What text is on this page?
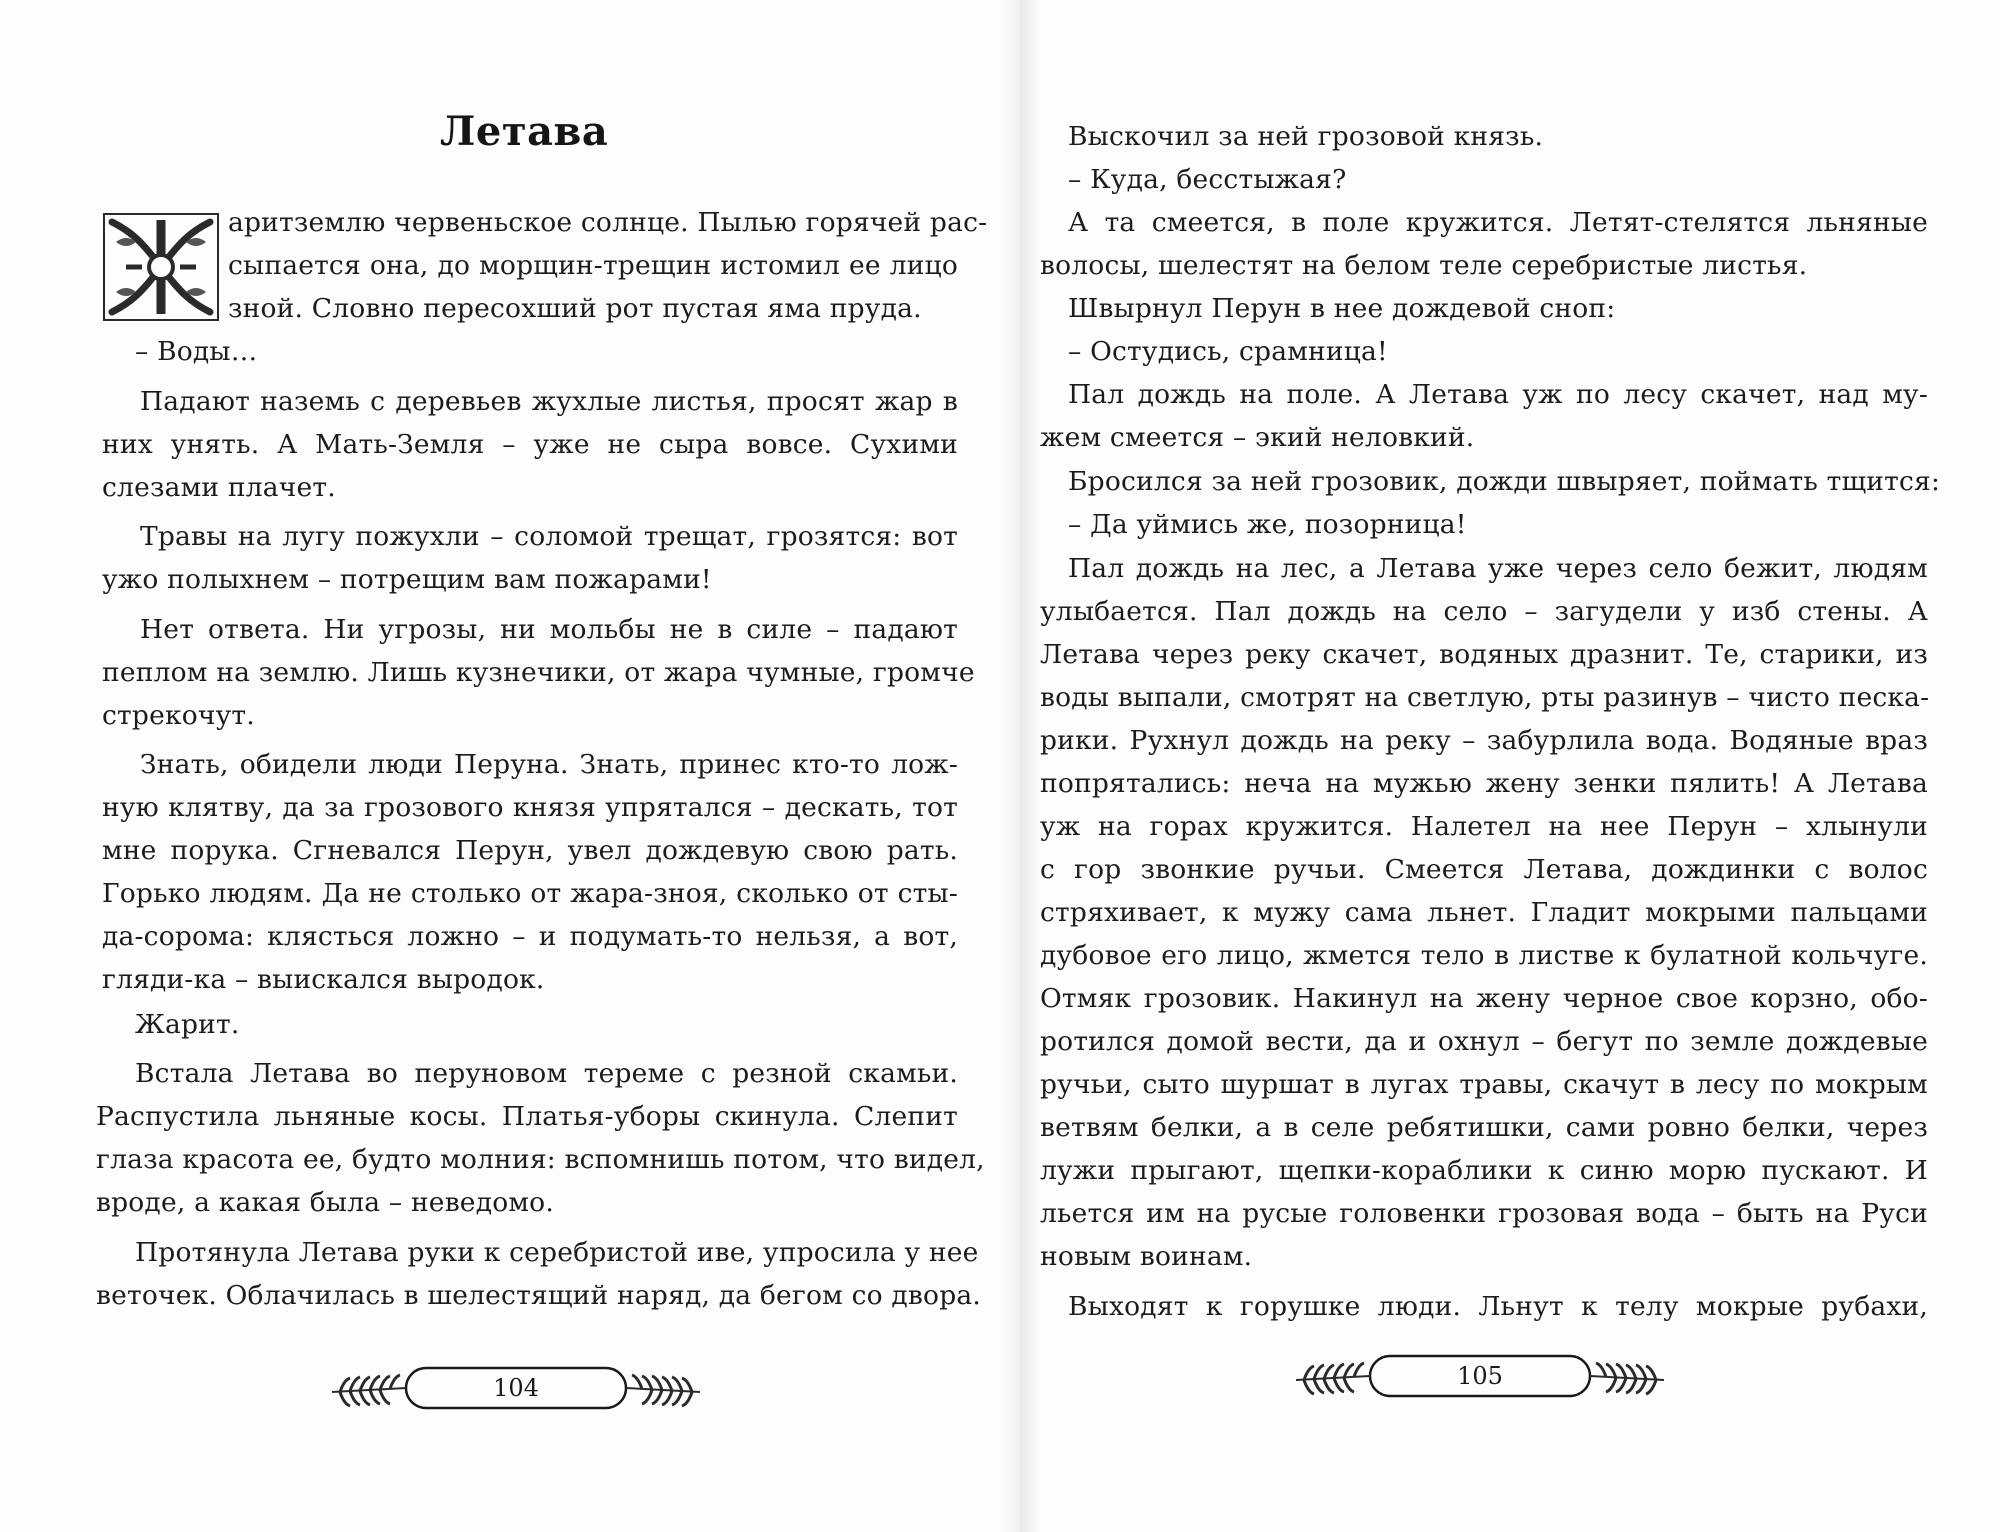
Летава

аритземлю червеньское солнце. Пылью горячей рас-

сыпается она, до морщин-трещин истомил ее лицо

зной. Словно пересохший рот пустая яма пруда.

– Воды…

Падают наземь с деревьев жухлые листья, просят жар в

них унять. А Мать-Земля – уже не сыра вовсе. Сухими

слезами плачет.

Травы на лугу пожухли – соломой трещат, грозятся: вот

ужо полыхнем – потрещим вам пожарами!

Нет ответа. Ни угрозы, ни мольбы не в силе – падают

пеплом на землю. Лишь кузнечики, от жара чумные, громче

стрекочут.

Знать, обидели люди Перуна. Знать, принес кто-то лож-

ную клятву, да за грозового князя упрятался – дескать, тот

мне порука. Сгневался Перун, увел дождевую свою рать.

Горько людям. Да не столько от жара-зноя, сколько от сты-

да-сорома: клясться ложно – и подумать-то нельзя, а вот,

гляди-ка – выискался выродок.

Жарит.

Встала Летава во перуновом тереме с резной скамьи.

Распустила льняные косы. Платья-уборы скинула. Слепит

глаза красота ее, будто молния: вспомнишь потом, что видел,

вроде, а какая была – неведомо.

Протянула Летава руки к серебристой иве, упросила у нее

веточек. Облачилась в шелестящий наряд, да бегом со двора.

104

Выскочил за ней грозовой князь.

– Куда, бесстыжая?

А та смеется, в поле кружится. Летят-стелятся льняные

волосы, шелестят на белом теле серебристые листья.

Швырнул Перун в нее дождевой сноп:

– Остудись, срамница!

Пал дождь на поле. А Летава уж по лесу скачет, над му-

жем смеется – экий неловкий.

Бросился за ней грозовик, дожди швыряет, поймать тщится:

– Да уймись же, позорница!

Пал дождь на лес, а Летава уже через село бежит, людям

улыбается. Пал дождь на село – загудели у изб стены. А

Летава через реку скачет, водяных дразнит. Те, старики, из

воды выпали, смотрят на светлую, рты разинув – чисто песка-

рики. Рухнул дождь на реку – забурлила вода. Водяные враз

попрятались: неча на мужью жену зенки пялить! А Летава

уж на горах кружится. Налетел на нее Перун – хлынули

с гор звонкие ручьи. Смеется Летава, дождинки с волос

стряхивает, к мужу сама льнет. Гладит мокрыми пальцами

дубовое его лицо, жмется тело в листве к булатной кольчуге.

Отмяк грозовик. Накинул на жену черное свое корзно, обо-

ротился домой вести, да и охнул – бегут по земле дождевые

ручьи, сыто шуршат в лугах травы, скачут в лесу по мокрым

ветвям белки, а в селе ребятишки, сами ровно белки, через

лужи прыгают, щепки-кораблики к синю морю пускают. И

льется им на русые головенки грозовая вода – быть на Руси

новым воинам.

Выходят к горушке люди. Льнут к телу мокрые рубахи,

105
